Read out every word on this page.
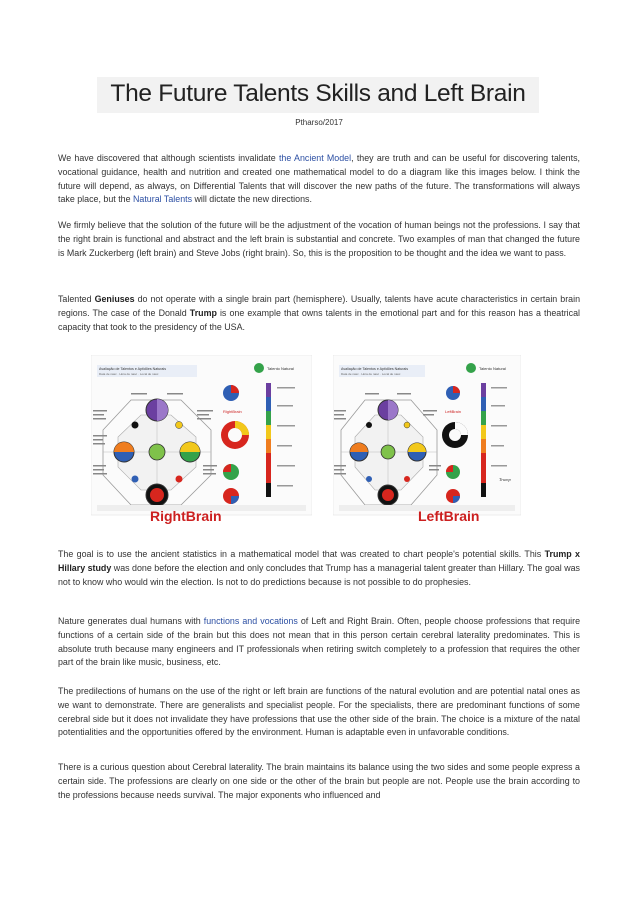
The Future Talents Skills and Left Brain
Ptharso/2017

We have discovered that although scientists invalidate the Ancient Model, they are truth and can be useful for discovering talents, vocational guidance, health and nutrition and created one mathematical model to do a diagram like this images below. I think the future will depend, as always, on Differential Talents that will discover the new paths of the future. The transformations will always take place, but the Natural Talents will dictate the new directions.

We firmly believe that the solution of the future will be the adjustment of the vocation of human beings not the professions. I say that the right brain is functional and abstract and the left brain is substantial and concrete. Two examples of man that changed the future is Mark Zuckerberg (left brain) and Steve Jobs (right brain). So, this is the proposition to be thought and the idea we want to pass.

Talented Geniuses do not operate with a single brain part (hemisphere). Usually, talents have acute characteristics in certain brain regions. The case of the Donald Trump is one example that owns talents in the emotional part and for this reason has a theatrical capacity that took to the presidency of the USA.

Avaliação de Talentos e Aptidões Naturais
Data de nasc · Hora de nasc · Local de nasc
Talento Natural
RightBrain
Avaliação de Talentos e Aptidões Naturais
Data de nasc · Hora de nasc · Local de nasc
Talento Natural
LeftBrain
Trump
RightBrain	LeftBrain

The goal is to use the ancient statistics in a mathematical model that was created to chart people's potential skills. This Trump x Hillary study was done before the election and only concludes that Trump has a managerial talent greater than Hillary. The goal was not to know who would win the election. Is not to do predictions because is not possible to do prophesies.

Nature generates dual humans with functions and vocations of Left and Right Brain. Often, people choose professions that require functions of a certain side of the brain but this does not mean that in this person certain cerebral laterality predominates. This is absolute truth because many engineers and IT professionals when retiring switch completely to a profession that requires the other part of the brain like music, business, etc.

The predilections of humans on the use of the right or left brain are functions of the natural evolution and are potential natal ones as we want to demonstrate. There are generalists and specialist people. For the specialists, there are predominant functions of some cerebral side but it does not invalidate they have professions that use the other side of the brain. The choice is a mixture of the natal potentialities and the opportunities offered by the environment. Human is adaptable even in unfavorable conditions.

There is a curious question about Cerebral laterality. The brain maintains its balance using the two sides and some people express a certain side. The professions are clearly on one side or the other of the brain but people are not. People use the brain according to the professions because needs survival. The major exponents who influenced and
